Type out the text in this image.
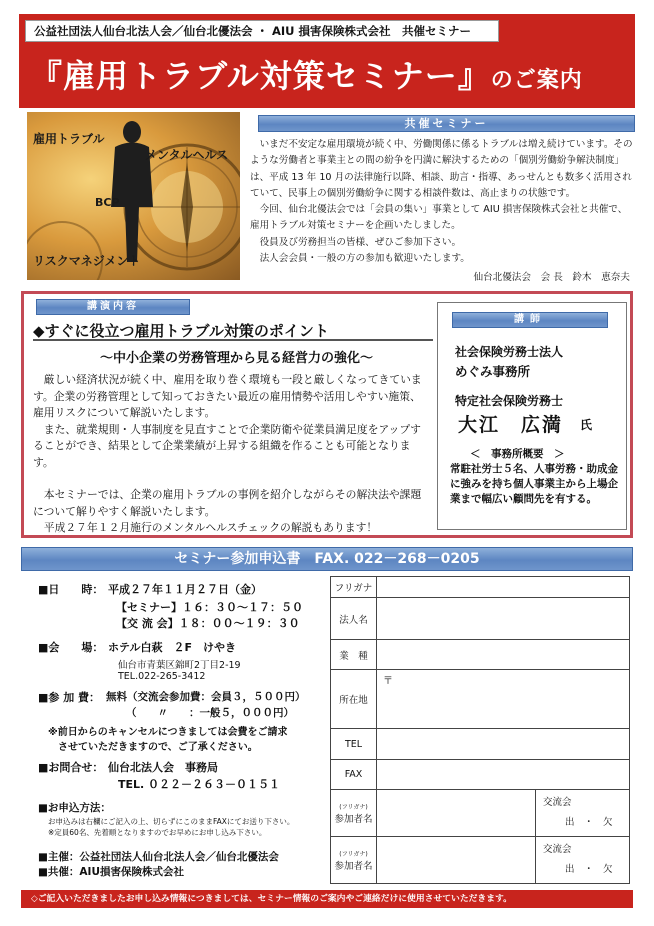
公益社団法人仙台北法人会／仙台北優法会 ・ AIU 損害保険株式会社　共催セミナー
『雇用トラブル対策セミナー』のご案内
雇用トラブル
メンタルヘルス
BCP
リスクマネジメント
共催セミナー

いまだ不安定な雇用環境が続く中、労働関係に係るトラブルは増え続けています。そのような労働者と事業主との間の紛争を円満に解決するための「個別労働紛争解決制度」は、平成 13 年 10 月の法律施行以降、相談、助言・指導、あっせんとも数多く活用されていて、民事上の個別労働紛争に関する相談件数は、高止まりの状態です。

今回、仙台北優法会では「会員の集い」事業として AIU 損害保険株式会社と共催で、雇用トラブル対策セミナーを企画いたしました。

役員及び労務担当の皆様、ぜひご参加下さい。

法人会会員・一般の方の参加も歓迎いたします。

仙台北優法会　会 長　鈴木　恵奈夫
講演内容
◆すぐに役立つ雇用トラブル対策のポイント
～中小企業の労務管理から見る経営力の強化～

厳しい経済状況が続く中、雇用を取り巻く環境も一段と厳しくなってきています。企業の労務管理として知っておきたい最近の雇用情勢や活用しやすい施策、雇用リスクについて解説いたします。

また、就業規則・人事制度を見直すことで企業防衛や従業員満足度をアップすることができ、結果として企業業績が上昇する組織を作ることも可能となります。

本セミナーでは、企業の雇用トラブルの事例を紹介しながらその解決法や課題について解りやすく解説いたします。

平成２７年１２月施行のメンタルヘルスチェックの解説もあります！

講師
社会保険労務士法人
めぐみ事務所
特定社会保険労務士
大江　広満 氏
＜　事務所概要　＞
常駐社労士５名、人事労務・助成金に強みを持ち個人事業主から上場企業まで幅広い顧問先を有する。
セミナー参加申込書　FAX. 022－268－0205
■日　　時： 平成２７年１１月２７日（金）
【セミナー】１６：３０～１７：５０
【交 流 会】１８：００～１９：３０
■会　　場： ホテル白萩　２F　けやき
仙台市青葉区錦町2丁目2-19
TEL.022-265-3412
■参 加 費： 無料（交流会参加費：会員３，５００円）
（　　〃　　：一般５，０００円）
※前日からのキャンセルにつきましては会費をご請求
させていただきますので、ご了承ください。
■お問合せ： 仙台北法人会　事務局
TEL. ０２２－２６３－０１５１
■お申込方法：
お申込みは右欄にご記入の上、切らずにこのままFAXにてお送り下さい。
※定員60名、先着順となりますのでお早めにお申し込み下さい。
■主催：公益社団法人仙台北法人会／仙台北優法会
■共催：AIU損害保険株式会社
フリガナ
法人名
業　種
所在地
〒
TEL
FAX
(フリガナ)
参加者名
交流会
出　・　欠
(フリガナ)
参加者名
交流会
出　・　欠
◇ご記入いただきましたお申し込み情報につきましては、セミナー情報のご案内やご連絡だけに使用させていただきます。
